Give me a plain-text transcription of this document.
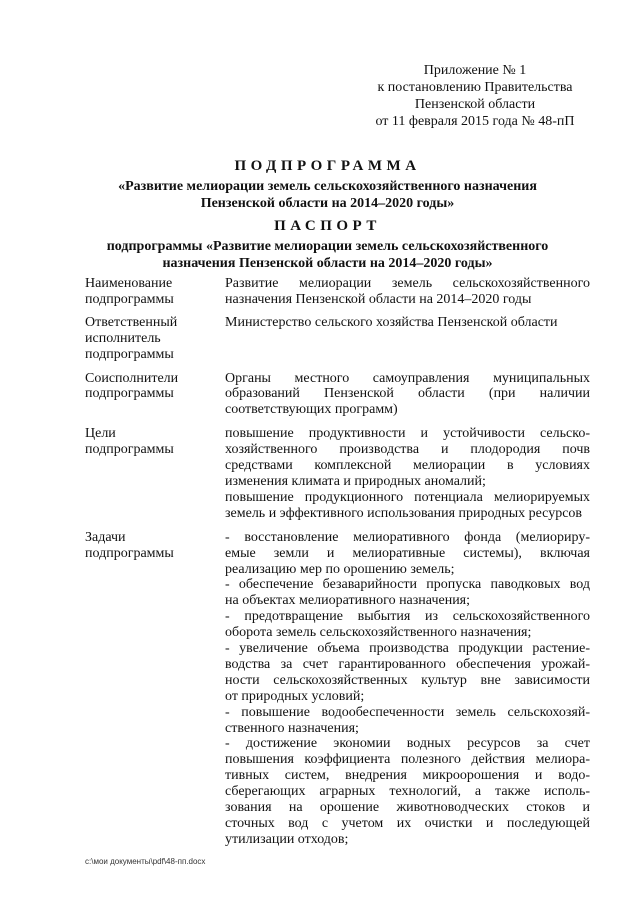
Приложение № 1
к постановлению Правительства
Пензенской области
от 11 февраля 2015 года № 48-пП
ПОДПРОГРАММА
«Развитие мелиорации земель сельскохозяйственного назначения
Пензенской области на 2014–2020 годы»
ПАСПОРТ
подпрограммы «Развитие мелиорации земель сельскохозяйственного
назначения Пензенской области на 2014–2020 годы»
Наименование
подпрограммы
Развитие мелиорации земель сельскохозяйственного
назначения Пензенской области на 2014–2020 годы
Ответственный
исполнитель
подпрограммы
Министерство сельского хозяйства Пензенской области
Соисполнители
подпрограммы
Органы местного самоуправления муниципальных
образований Пензенской области (при наличии
соответствующих программ)
Цели
подпрограммы
повышение продуктивности и устойчивости сельско-
хозяйственного производства и плодородия почв
средствами комплексной мелиорации в условиях
изменения климата и природных аномалий;
повышение продукционного потенциала мелиорируемых
земель и эффективного использования природных ресурсов
Задачи
подпрограммы
- восстановление мелиоративного фонда (мелиориру-
емые земли и мелиоративные системы), включая
реализацию мер по орошению земель;
- обеспечение безаварийности пропуска паводковых вод
на объектах мелиоративного назначения;
- предотвращение выбытия из сельскохозяйственного
оборота земель сельскохозяйственного назначения;
- увеличение объема производства продукции растение-
водства за счет гарантированного обеспечения урожай-
ности сельскохозяйственных культур вне зависимости
от природных условий;
- повышение водообеспеченности земель сельскохозяй-
ственного назначения;
- достижение экономии водных ресурсов за счет
повышения коэффициента полезного действия мелиора-
тивных систем, внедрения микроорошения и водо-
сберегающих аграрных технологий, а также исполь-
зования на орошение животноводческих стоков и
сточных вод с учетом их очистки и последующей
утилизации отходов;
c:\мои документы\pdf\48-пп.docx
